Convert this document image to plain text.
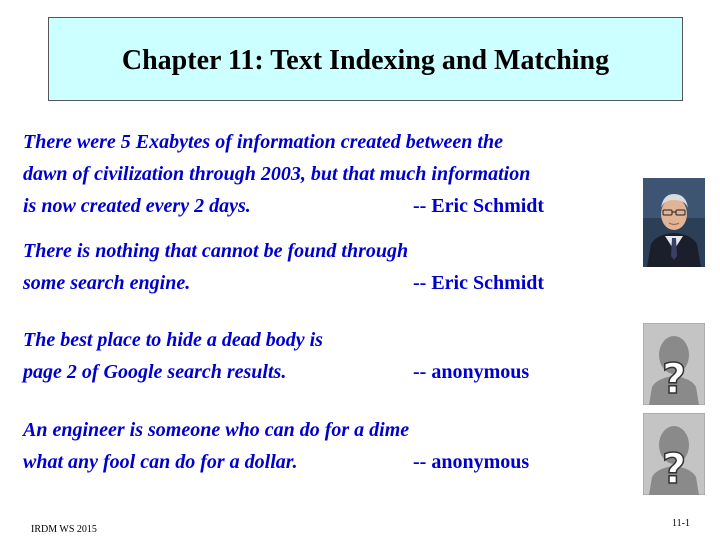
Chapter 11: Text Indexing and Matching
There were 5 Exabytes of information created between the
dawn of civilization through 2003, but that much information
is now created every 2 days.	-- Eric Schmidt
There is nothing that cannot be found through
some search engine.	-- Eric Schmidt
The best place to hide a dead body is
page 2 of Google search results.	-- anonymous
An engineer is someone who can do for a dime
what any fool can do for a dollar.	-- anonymous
?
?
IRDM WS 2015
11-1
